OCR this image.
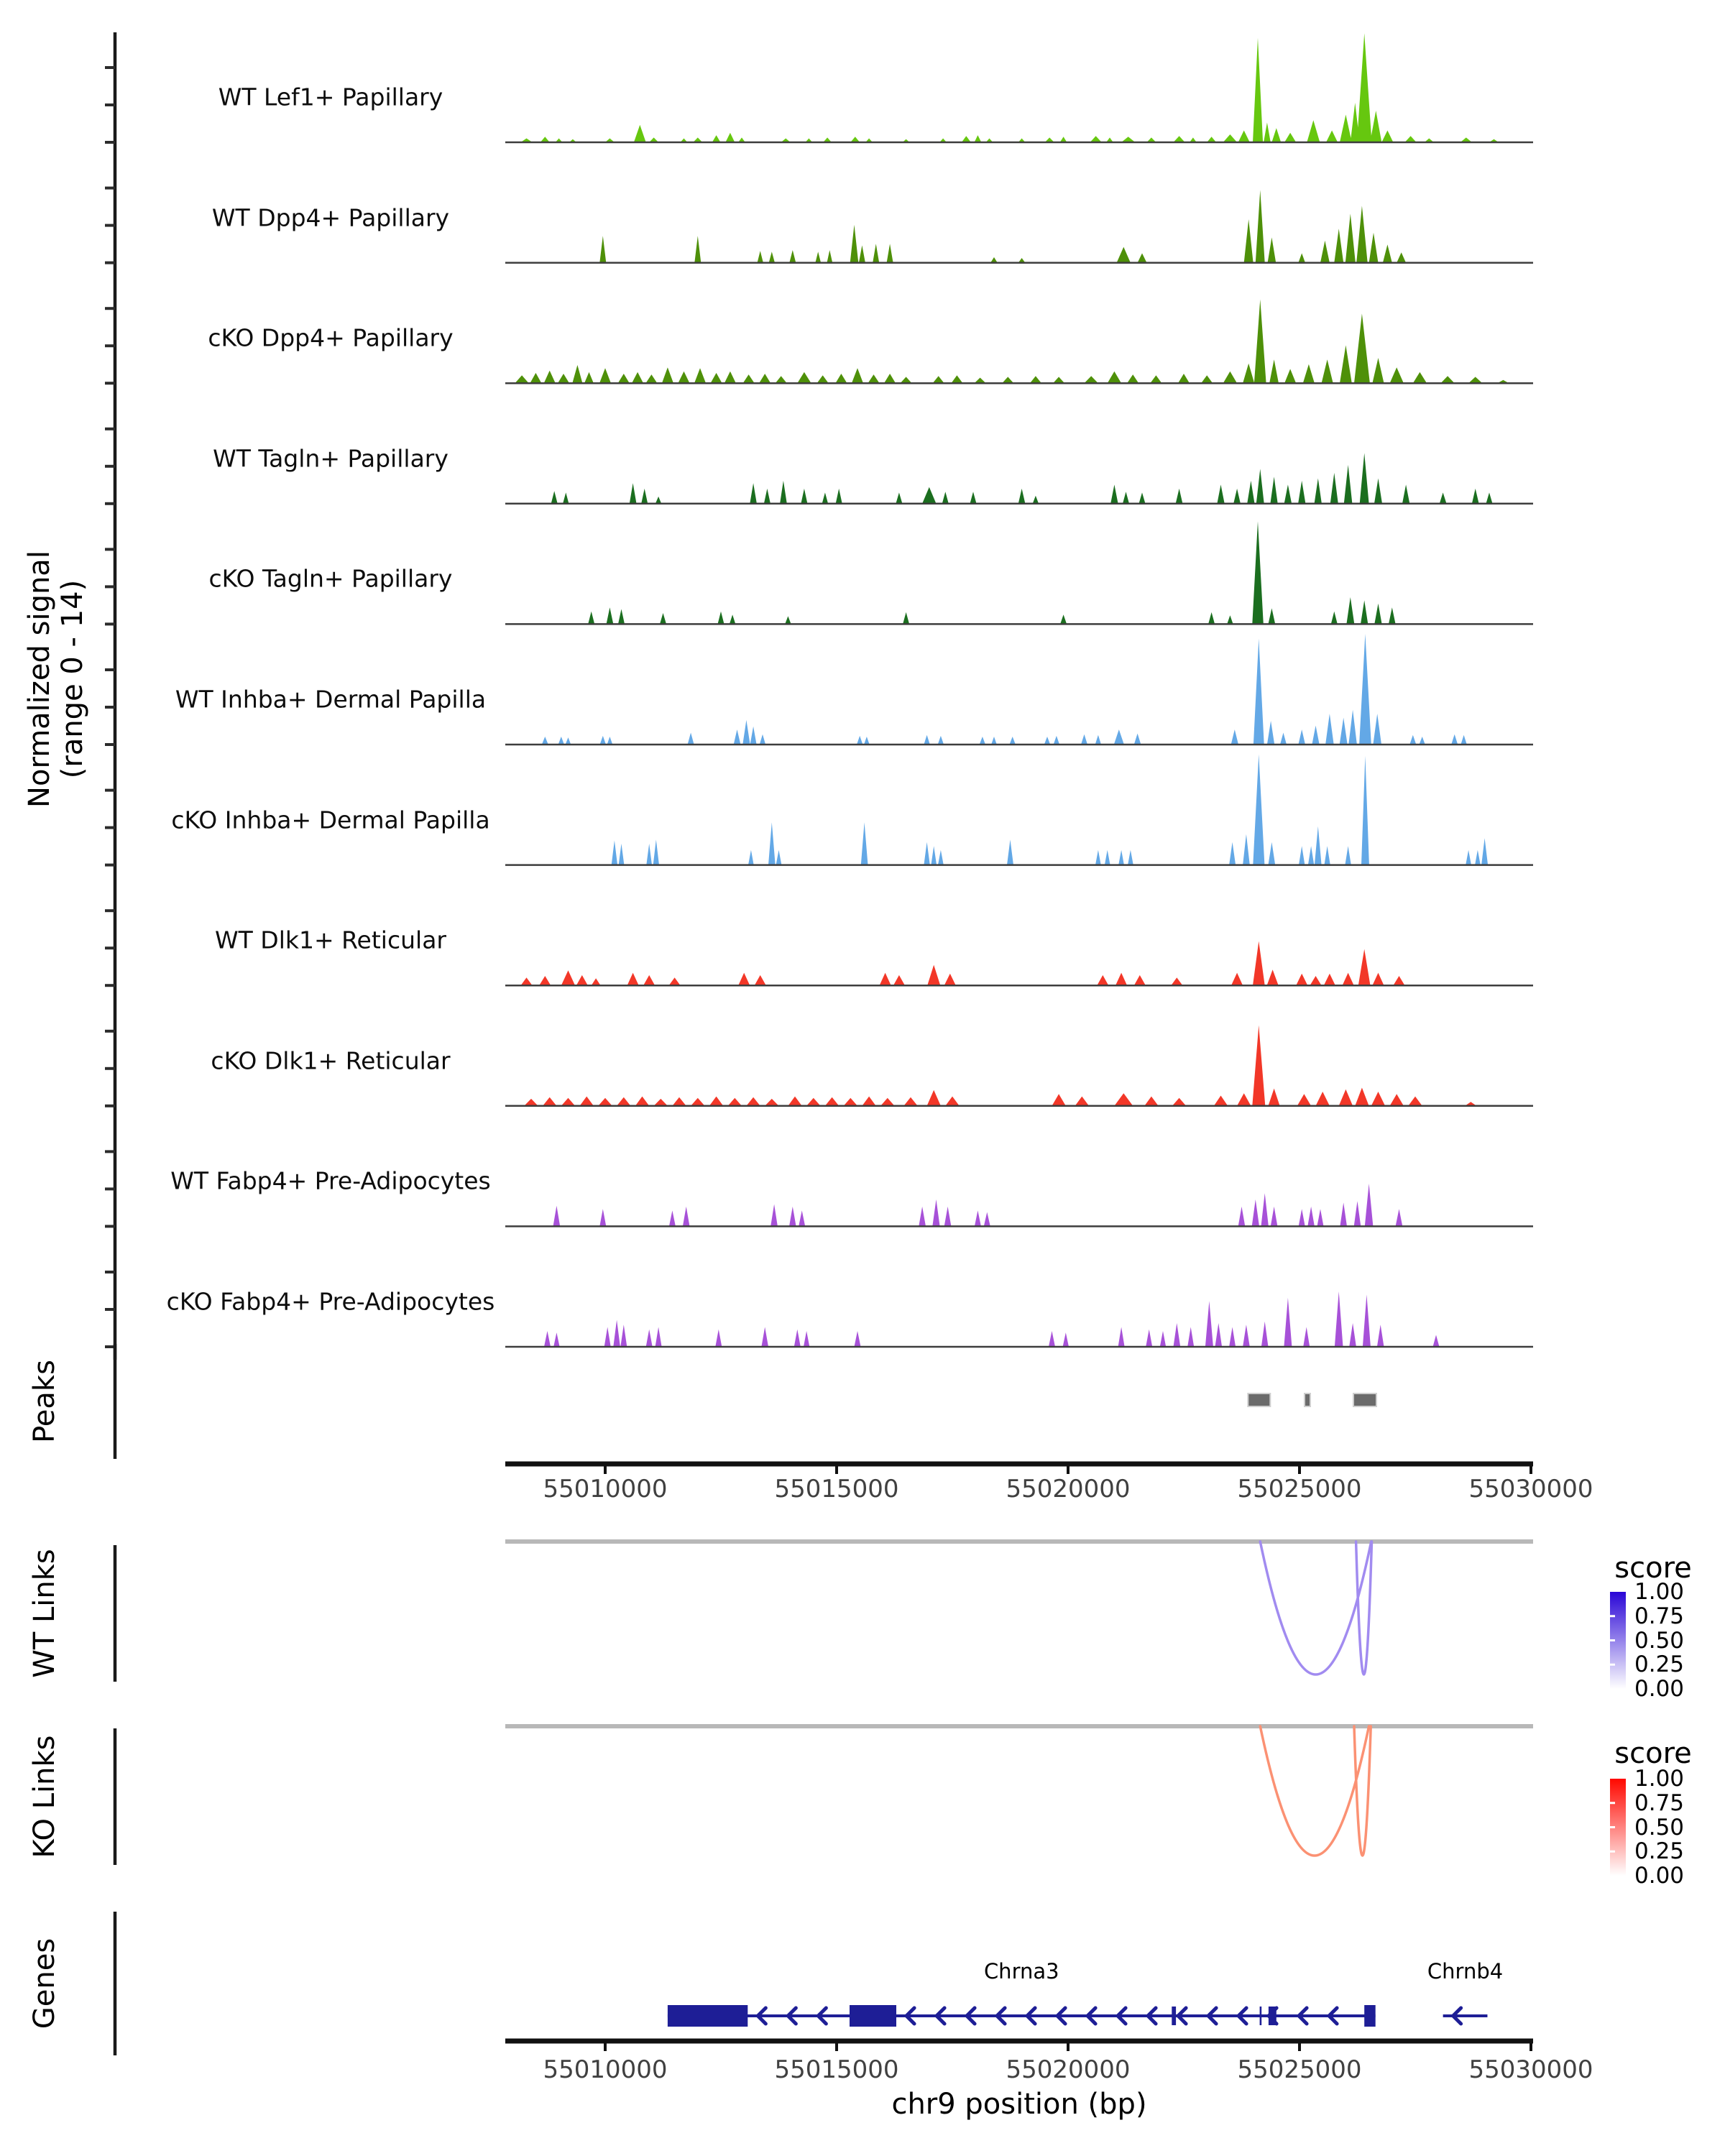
Normalized signal (range 0 - 14)
Peaks
WT Links
KO Links
Genes
score
score
WT Lef1+ Papillary
WT Dpp4+ Papillary
cKO Dpp4+ Papillary
WT Tagln+ Papillary
cKO Tagln+ Papillary
WT Inhba+ Dermal Papilla
cKO Inhba+ Dermal Papilla
WT Dlk1+ Reticular
cKO Dlk1+ Reticular
WT Fabp4+ Pre-Adipocytes
cKO Fabp4+ Pre-Adipocytes
55010000	55015000	55020000	55025000	55030000
55010000	55015000	55020000	55025000	55030000
1.00
0.75
0.50
0.25
0.00
1.00
0.75
0.50
0.25
0.00
Chrna3	Chrnb4
chr9 position (bp)
